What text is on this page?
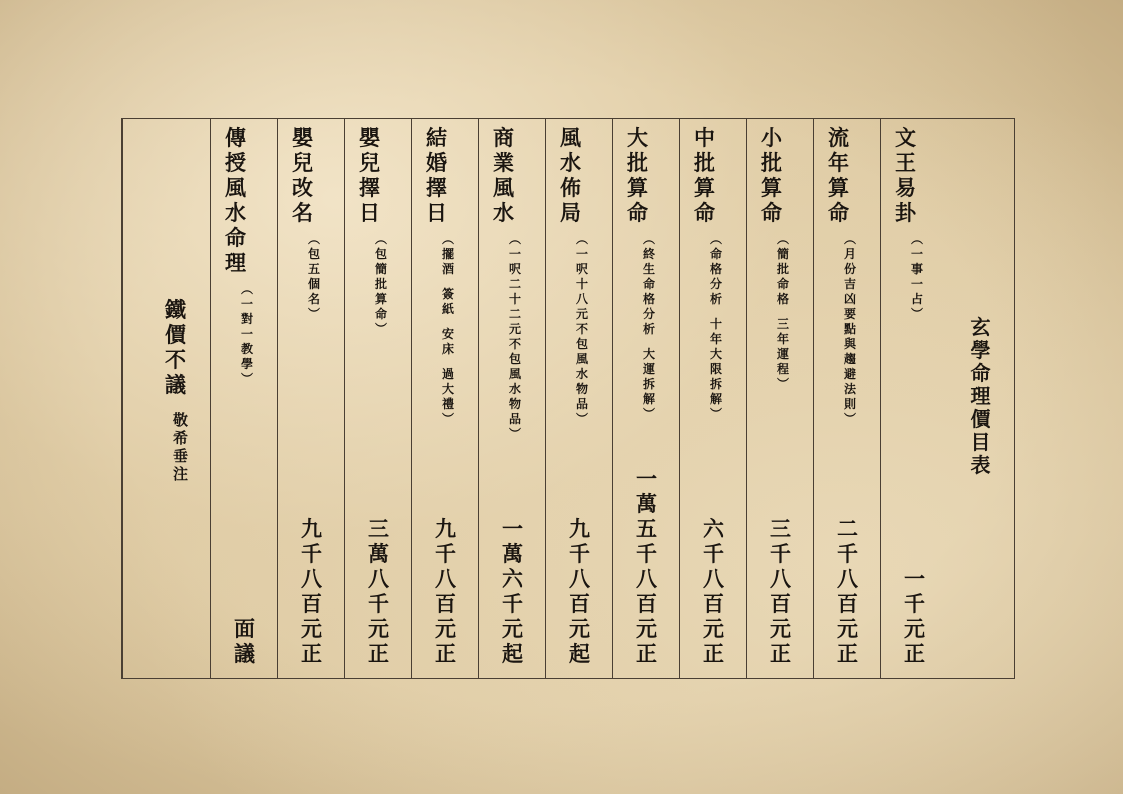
玄
學
命
理
價
目
表
鐵
價
不
議
敬
希
垂
注
文
王
易
卦
︵
一
事
一
占
︶
一
千
元
正
流
年
算
命
︵
月
份
吉
凶
要
點
與
趨
避
法
則
︶
二
千
八
百
元
正
小
批
算
命
︵
簡
批
命
格
三
年
運
程
︶
三
千
八
百
元
正
中
批
算
命
︵
命
格
分
析
十
年
大
限
拆
解
︶
六
千
八
百
元
正
大
批
算
命
︵
終
生
命
格
分
析
大
運
拆
解
︶
一
萬
五
千
八
百
元
正
風
水
佈
局
︵
一
呎
十
八
元
不
包
風
水
物
品
︶
九
千
八
百
元
起
商
業
風
水
︵
一
呎
二
十
二
元
不
包
風
水
物
品
︶
一
萬
六
千
元
起
結
婚
擇
日
︵
擺
酒
簽
紙
安
床
過
大
禮
︶
九
千
八
百
元
正
嬰
兒
擇
日
︵
包
簡
批
算
命
︶
三
萬
八
千
元
正
嬰
兒
改
名
︵
包
五
個
名
︶
九
千
八
百
元
正
傳
授
風
水
命
理
︵
一
對
一
教
學
︶
面
議
